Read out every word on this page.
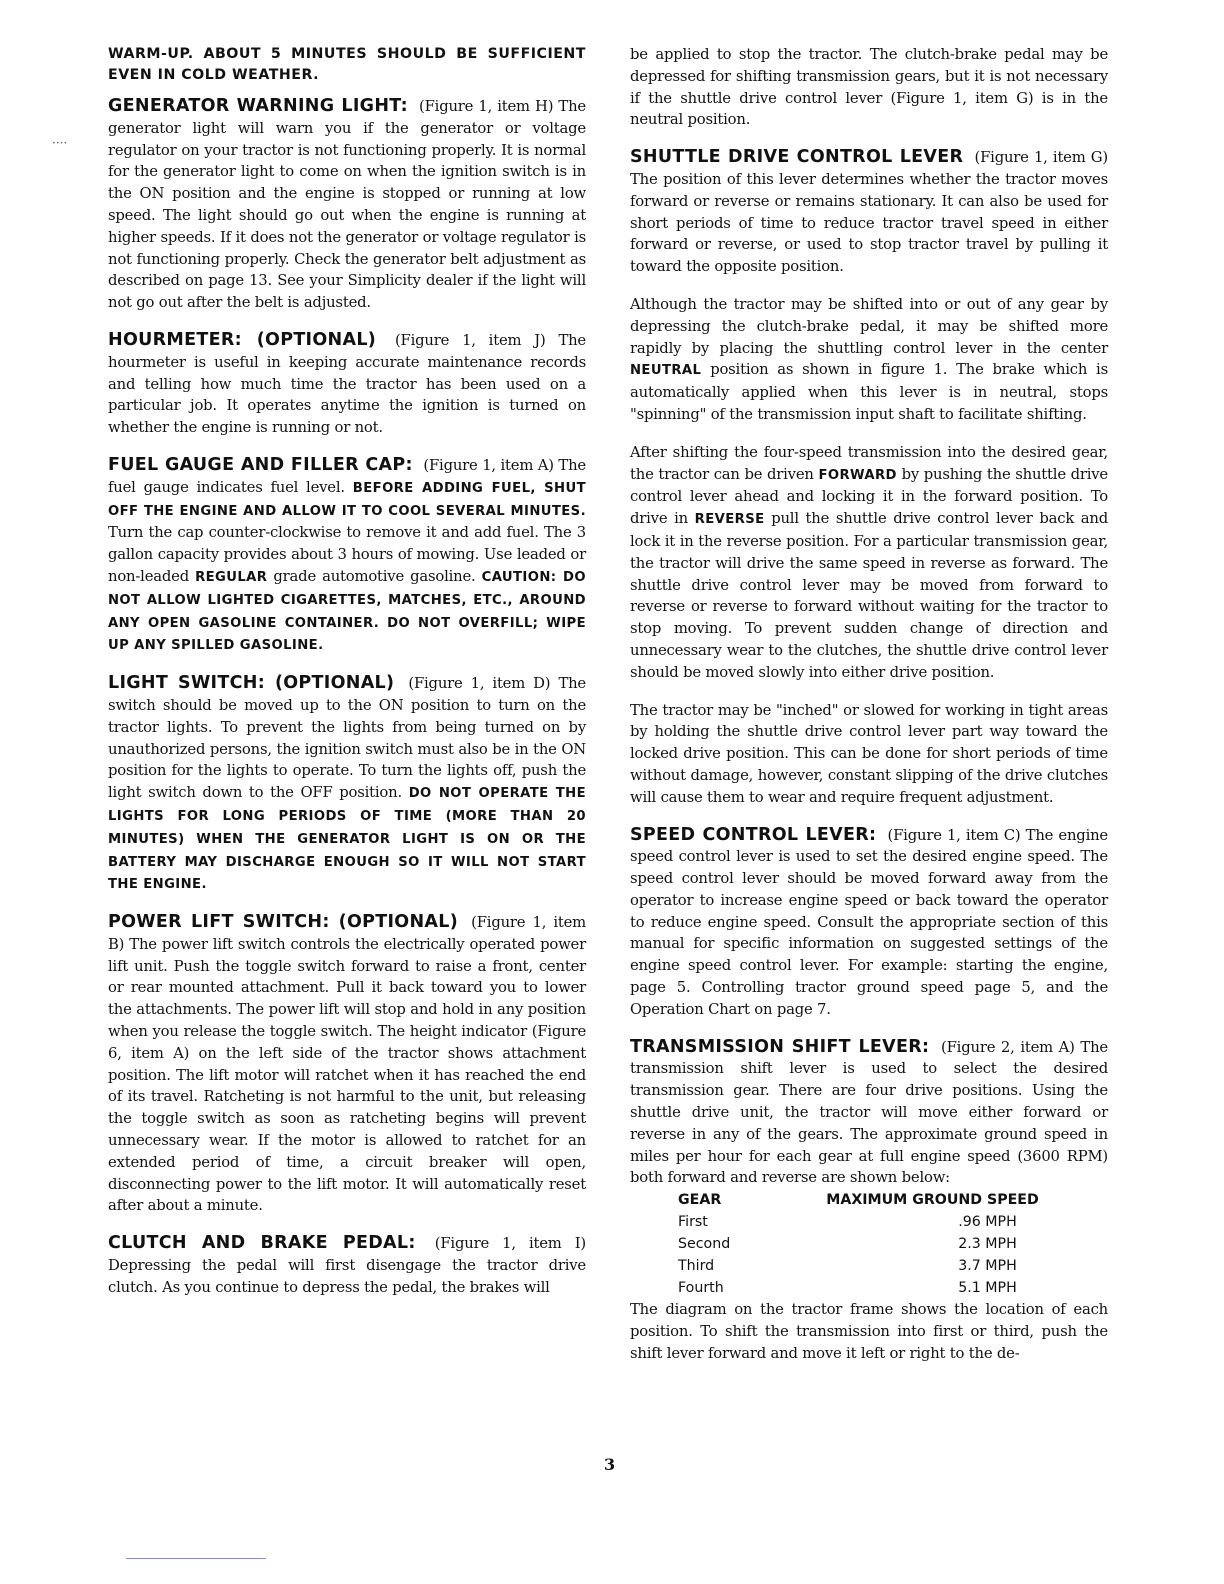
····

WARM-UP. ABOUT 5 MINUTES SHOULD BE SUFFICIENT EVEN IN COLD WEATHER.

GENERATOR WARNING LIGHT: (Figure 1, item H) The generator light will warn you if the generator or voltage regulator on your tractor is not functioning properly. It is normal for the generator light to come on when the ignition switch is in the ON position and the engine is stopped or running at low speed. The light should go out when the engine is running at higher speeds. If it does not the generator or voltage regulator is not functioning properly. Check the generator belt adjustment as described on page 13. See your Simplicity dealer if the light will not go out after the belt is adjusted.

HOURMETER: (OPTIONAL) (Figure 1, item J) The hourmeter is useful in keeping accurate maintenance records and telling how much time the tractor has been used on a particular job. It operates anytime the ignition is turned on whether the engine is running or not.

FUEL GAUGE AND FILLER CAP: (Figure 1, item A) The fuel gauge indicates fuel level. BEFORE ADDING FUEL, SHUT OFF THE ENGINE AND ALLOW IT TO COOL SEVERAL MINUTES. Turn the cap counter-clockwise to remove it and add fuel. The 3 gallon capacity provides about 3 hours of mowing. Use leaded or non-leaded REGULAR grade automotive gasoline. CAUTION: DO NOT ALLOW LIGHTED CIGARETTES, MATCHES, ETC., AROUND ANY OPEN GASOLINE CONTAINER. DO NOT OVERFILL; WIPE UP ANY SPILLED GASOLINE.

LIGHT SWITCH: (OPTIONAL) (Figure 1, item D) The switch should be moved up to the ON position to turn on the tractor lights. To prevent the lights from being turned on by unauthorized persons, the ignition switch must also be in the ON position for the lights to operate. To turn the lights off, push the light switch down to the OFF position. DO NOT OPERATE THE LIGHTS FOR LONG PERIODS OF TIME (MORE THAN 20 MINUTES) WHEN THE GENERATOR LIGHT IS ON OR THE BATTERY MAY DISCHARGE ENOUGH SO IT WILL NOT START THE ENGINE.

POWER LIFT SWITCH: (OPTIONAL) (Figure 1, item B) The power lift switch controls the electrically operated power lift unit. Push the toggle switch forward to raise a front, center or rear mounted attachment. Pull it back toward you to lower the attachments. The power lift will stop and hold in any position when you release the toggle switch. The height indicator (Figure 6, item A) on the left side of the tractor shows attachment position. The lift motor will ratchet when it has reached the end of its travel. Ratcheting is not harmful to the unit, but releasing the toggle switch as soon as ratcheting begins will prevent unnecessary wear. If the motor is allowed to ratchet for an extended period of time, a circuit breaker will open, disconnecting power to the lift motor. It will automatically reset after about a minute.

CLUTCH AND BRAKE PEDAL: (Figure 1, item I) Depressing the pedal will first disengage the tractor drive clutch. As you continue to depress the pedal, the brakes will

be applied to stop the tractor. The clutch-brake pedal may be depressed for shifting transmission gears, but it is not necessary if the shuttle drive control lever (Figure 1, item G) is in the neutral position.

SHUTTLE DRIVE CONTROL LEVER (Figure 1, item G) The position of this lever determines whether the tractor moves forward or reverse or remains stationary. It can also be used for short periods of time to reduce tractor travel speed in either forward or reverse, or used to stop tractor travel by pulling it toward the opposite position.

Although the tractor may be shifted into or out of any gear by depressing the clutch-brake pedal, it may be shifted more rapidly by placing the shuttling control lever in the center NEUTRAL position as shown in figure 1. The brake which is automatically applied when this lever is in neutral, stops "spinning" of the transmission input shaft to facilitate shifting.

After shifting the four-speed transmission into the desired gear, the tractor can be driven FORWARD by pushing the shuttle drive control lever ahead and locking it in the forward position. To drive in REVERSE pull the shuttle drive control lever back and lock it in the reverse position. For a particular transmission gear, the tractor will drive the same speed in reverse as forward. The shuttle drive control lever may be moved from forward to reverse or reverse to forward without waiting for the tractor to stop moving. To prevent sudden change of direction and unnecessary wear to the clutches, the shuttle drive control lever should be moved slowly into either drive position.

The tractor may be "inched" or slowed for working in tight areas by holding the shuttle drive control lever part way toward the locked drive position. This can be done for short periods of time without damage, however, constant slipping of the drive clutches will cause them to wear and require frequent adjustment.

SPEED CONTROL LEVER: (Figure 1, item C) The engine speed control lever is used to set the desired engine speed. The speed control lever should be moved forward away from the operator to increase engine speed or back toward the operator to reduce engine speed. Consult the appropriate section of this manual for specific information on suggested settings of the engine speed control lever. For example: starting the engine, page 5. Controlling tractor ground speed page 5, and the Operation Chart on page 7.

TRANSMISSION SHIFT LEVER: (Figure 2, item A) The transmission shift lever is used to select the desired transmission gear. There are four drive positions. Using the shuttle drive unit, the tractor will move either forward or reverse in any of the gears. The approximate ground speed in miles per hour for each gear at full engine speed (3600 RPM) both forward and reverse are shown below:

GEAR	MAXIMUM GROUND SPEED
First	.96 MPH
Second	2.3 MPH
Third	3.7 MPH
Fourth	5.1 MPH

The diagram on the tractor frame shows the location of each position. To shift the transmission into first or third, push the shift lever forward and move it left or right to the de-

3
